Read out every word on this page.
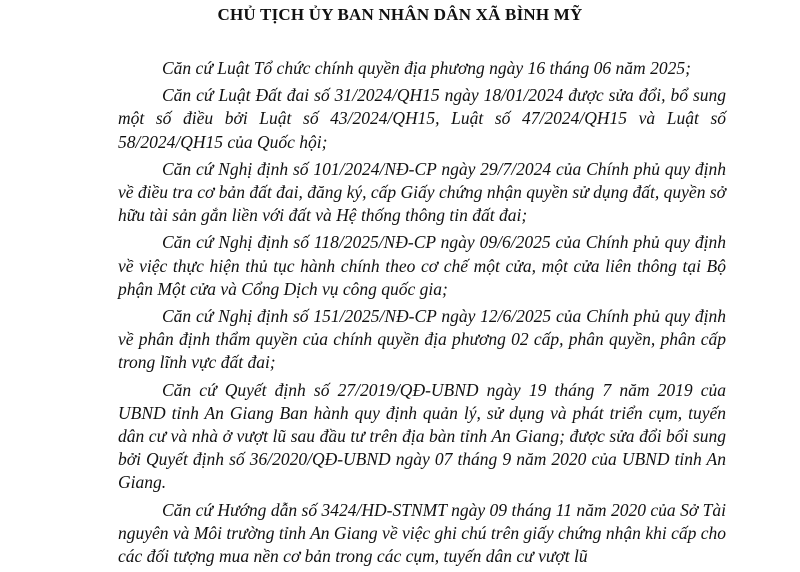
CHỦ TỊCH ỦY BAN NHÂN DÂN XÃ BÌNH MỸ

Căn cứ Luật Tổ chức chính quyền địa phương ngày 16 tháng 06 năm 2025;

Căn cứ Luật Đất đai số 31/2024/QH15 ngày 18/01/2024 được sửa đổi, bổ sung một số điều bởi Luật số 43/2024/QH15, Luật số 47/2024/QH15 và Luật số 58/2024/QH15 của Quốc hội;

Căn cứ Nghị định số 101/2024/NĐ-CP ngày 29/7/2024 của Chính phủ quy định về điều tra cơ bản đất đai, đăng ký, cấp Giấy chứng nhận quyền sử dụng đất, quyền sở hữu tài sản gắn liền với đất và Hệ thống thông tin đất đai;

Căn cứ Nghị định số 118/2025/NĐ-CP ngày 09/6/2025 của Chính phủ quy định về việc thực hiện thủ tục hành chính theo cơ chế một cửa, một cửa liên thông tại Bộ phận Một cửa và Cổng Dịch vụ công quốc gia;

Căn cứ Nghị định số 151/2025/NĐ-CP ngày 12/6/2025 của Chính phủ quy định về phân định thẩm quyền của chính quyền địa phương 02 cấp, phân quyền, phân cấp trong lĩnh vực đất đai;

Căn cứ Quyết định số 27/2019/QĐ-UBND ngày 19 tháng 7 năm 2019 của UBND tỉnh An Giang Ban hành quy định quản lý, sử dụng và phát triển cụm, tuyến dân cư và nhà ở vượt lũ sau đầu tư trên địa bàn tỉnh An Giang; được sửa đổi bổi sung bởi Quyết định số 36/2020/QĐ-UBND ngày 07 tháng 9 năm 2020 của UBND tỉnh An Giang.

Căn cứ Hướng dẫn số 3424/HD-STNMT ngày 09 tháng 11 năm 2020 của Sở Tài nguyên và Môi trường tỉnh An Giang về việc ghi chú trên giấy chứng nhận khi cấp cho các đối tượng mua nền cơ bản trong các cụm, tuyến dân cư vượt lũ
